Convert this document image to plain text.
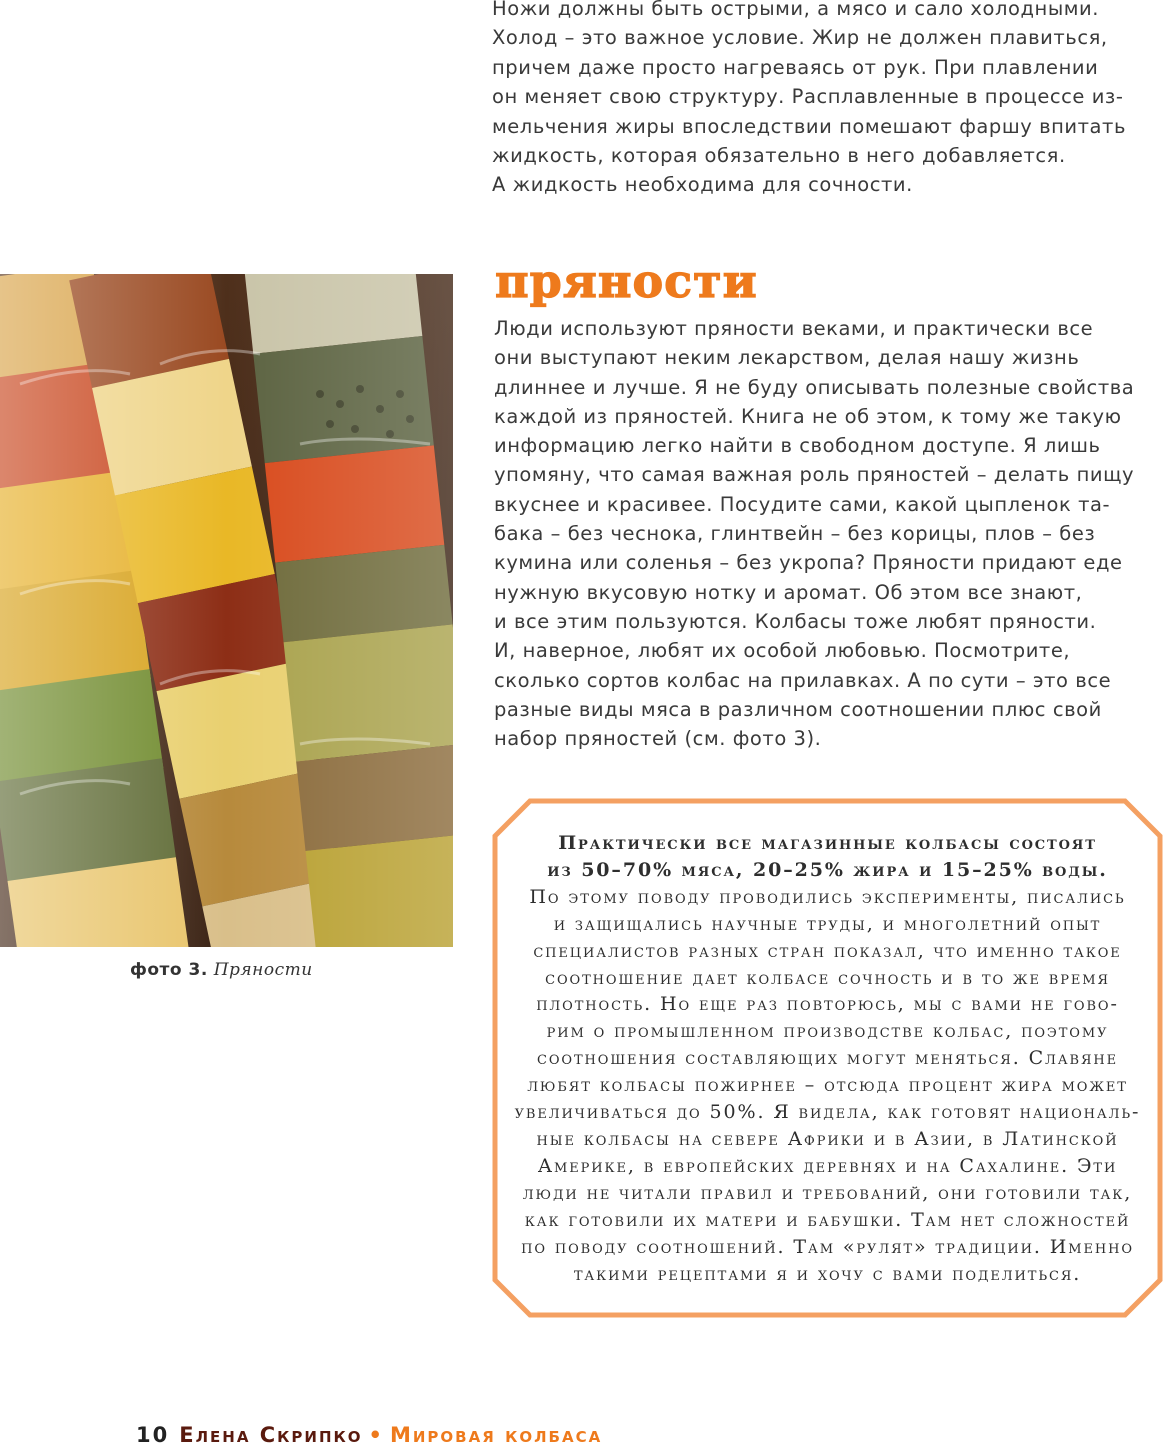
Ножи должны быть острыми, а мясо и сало холодными.
Холод – это важное условие. Жир не должен плавиться,
причем даже просто нагреваясь от рук. При плавлении
он меняет свою структуру. Расплавленные в процессе из-
мельчения жиры впоследствии помешают фаршу впитать
жидкость, которая обязательно в него добавляется.
А жидкость необходима для сочности.

фото 3. Пряности
пряности

Люди используют пряности веками, и практически все
они выступают неким лекарством, делая нашу жизнь
длиннее и лучше. Я не буду описывать полезные свойства
каждой из пряностей. Книга не об этом, к тому же такую
информацию легко найти в свободном доступе. Я лишь
упомяну, что самая важная роль пряностей – делать пищу
вкуснее и красивее. Посудите сами, какой цыпленок та-
бака – без чеснока, глинтвейн – без корицы, плов – без
кумина или соленья – без укропа? Пряности придают еде
нужную вкусовую нотку и аромат. Об этом все знают,
и все этим пользуются. Колбасы тоже любят пряности.
И, наверное, любят их особой любовью. Посмотрите,
сколько сортов колбас на прилавках. А по сути – это все
разные виды мяса в различном соотношении плюс свой
набор пряностей (см. фото 3).

Практически все магазинные колбасы состоят
из 50–70% мяса, 20–25% жира и 15–25% воды.
По этому поводу проводились эксперименты, писались
и защищались научные труды, и многолетний опыт
специалистов разных стран показал, что именно такое
соотношение дает колбасе сочность и в то же время
плотность. Но еще раз повторюсь, мы с вами не гово-
рим о промышленном производстве колбас, поэтому
соотношения составляющих могут меняться. Славяне
любят колбасы пожирнее – отсюда процент жира может
увеличиваться до 50%. Я видела, как готовят националь-
ные колбасы на севере Африки и в Азии, в Латинской
Америке, в европейских деревнях и на Сахалине. Эти
люди не читали правил и требований, они готовили так,
как готовили их матери и бабушки. Там нет сложностей
по поводу соотношений. Там «рулят» традиции. Именно
такими рецептами я и хочу с вами поделиться.

10 Елена Скрипко • Мировая колбаса
